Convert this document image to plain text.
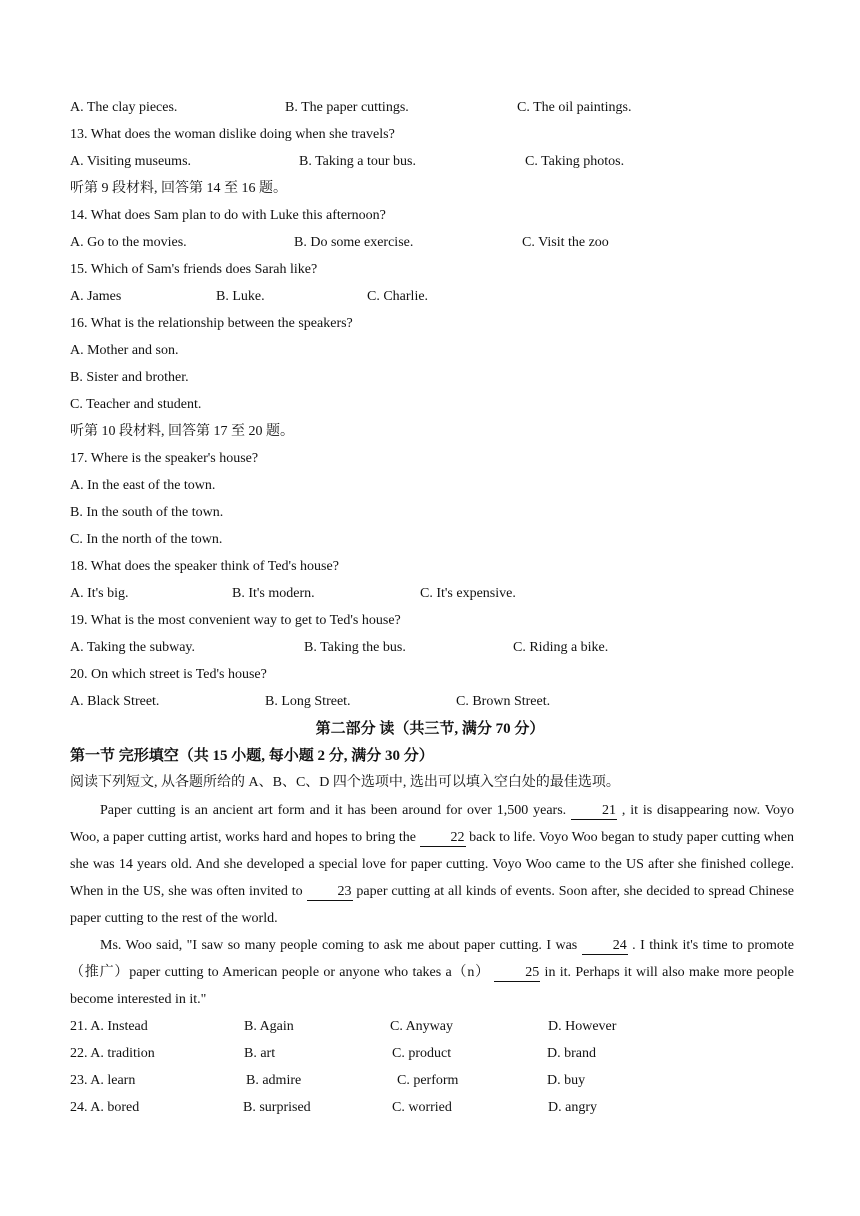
A. The clay pieces.	B. The paper cuttings.	C. The oil paintings.
13. What does the woman dislike doing when she travels?
A. Visiting museums.	B. Taking a tour bus.	C. Taking photos.
听第 9 段材料, 回答第 14 至 16 题。
14. What does Sam plan to do with Luke this afternoon?
A. Go to the movies.	B. Do some exercise.	C. Visit the zoo
15. Which of Sam's friends does Sarah like?
A. James	B. Luke.	C. Charlie.
16. What is the relationship between the speakers?
A. Mother and son.
B. Sister and brother.
C. Teacher and student.
听第 10 段材料, 回答第 17 至 20 题。
17. Where is the speaker's house?
A. In the east of the town.
B. In the south of the town.
C. In the north of the town.
18. What does the speaker think of Ted's house?
A. It's big.	B. It's modern.	C. It's expensive.
19. What is the most convenient way to get to Ted's house?
A. Taking the subway.	B. Taking the bus.	C. Riding a bike.
20. On which street is Ted's house?
A. Black Street.	B. Long Street.	C. Brown Street.
第二部分 读（共三节, 满分 70 分）
第一节 完形填空（共 15 小题, 每小题 2 分, 满分 30 分）
阅读下列短文, 从各题所给的 A、B、C、D 四个选项中, 选出可以填入空白处的最佳选项。
Paper cutting is an ancient art form and it has been around for over 1,500 years. 21 , it is disappearing now. Voyo Woo, a paper cutting artist, works hard and hopes to bring the 22 back to life. Voyo Woo began to study paper cutting when she was 14 years old. And she developed a special love for paper cutting. Voyo Woo came to the US after she finished college. When in the US, she was often invited to 23 paper cutting at all kinds of events. Soon after, she decided to spread Chinese paper cutting to the rest of the world.
Ms. Woo said, "I saw so many people coming to ask me about paper cutting. I was 24 . I think it's time to promote（推广）paper cutting to American people or anyone who takes a（n） 25 in it. Perhaps it will also make more people become interested in it."
21. A. Instead	B. Again	C. Anyway	D. However
22. A. tradition	B. art	C. product	D. brand
23. A. learn	B. admire	C. perform	D. buy
24. A. bored	B. surprised	C. worried	D. angry
